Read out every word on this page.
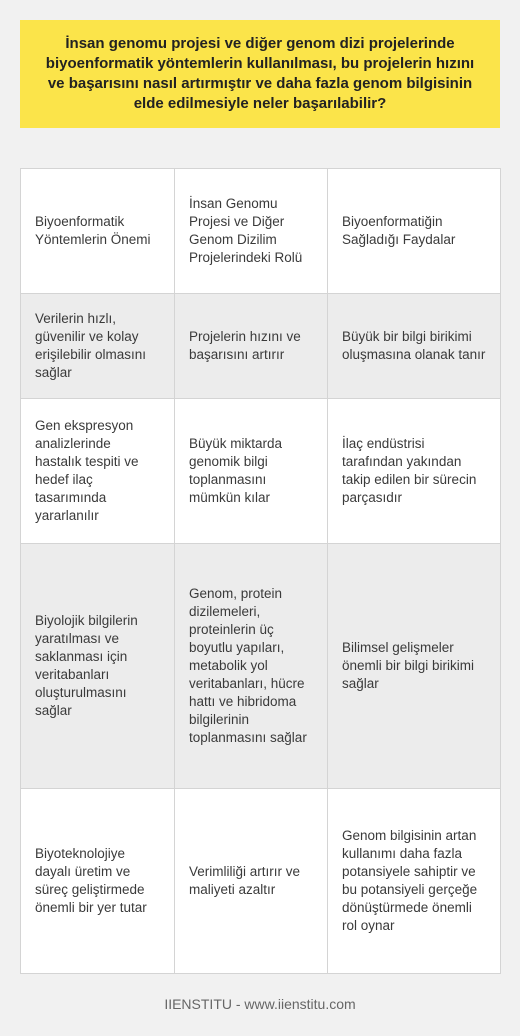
İnsan genomu projesi ve diğer genom dizi projelerinde biyoenformatik yöntemlerin kullanılması, bu projelerin hızını ve başarısını nasıl artırmıştır ve daha fazla genom bilgisinin elde edilmesiyle neler başarılabilir?
Biyoenformatik Yöntemlerin Önemi	İnsan Genomu Projesi ve Diğer Genom Dizilim Projelerindeki Rolü	Biyoenformatiğin Sağladığı Faydalar
Verilerin hızlı, güvenilir ve kolay erişilebilir olmasını sağlar	Projelerin hızını ve başarısını artırır	Büyük bir bilgi birikimi oluşmasına olanak tanır
Gen ekspresyon analizlerinde hastalık tespiti ve hedef ilaç tasarımında yararlanılır	Büyük miktarda genomik bilgi toplanmasını mümkün kılar	İlaç endüstrisi tarafından yakından takip edilen bir sürecin parçasıdır
Biyolojik bilgilerin yaratılması ve saklanması için veritabanları oluşturulmasını sağlar	Genom, protein dizilemeleri, proteinlerin üç boyutlu yapıları, metabolik yol veritabanları, hücre hattı ve hibridoma bilgilerinin toplanmasını sağlar	Bilimsel gelişmeler önemli bir bilgi birikimi sağlar
Biyoteknolojiye dayalı üretim ve süreç geliştirmede önemli bir yer tutar	Verimliliği artırır ve maliyeti azaltır	Genom bilgisinin artan kullanımı daha fazla potansiyele sahiptir ve bu potansiyeli gerçeğe dönüştürmede önemli rol oynar
IIENSTITU - www.iienstitu.com
